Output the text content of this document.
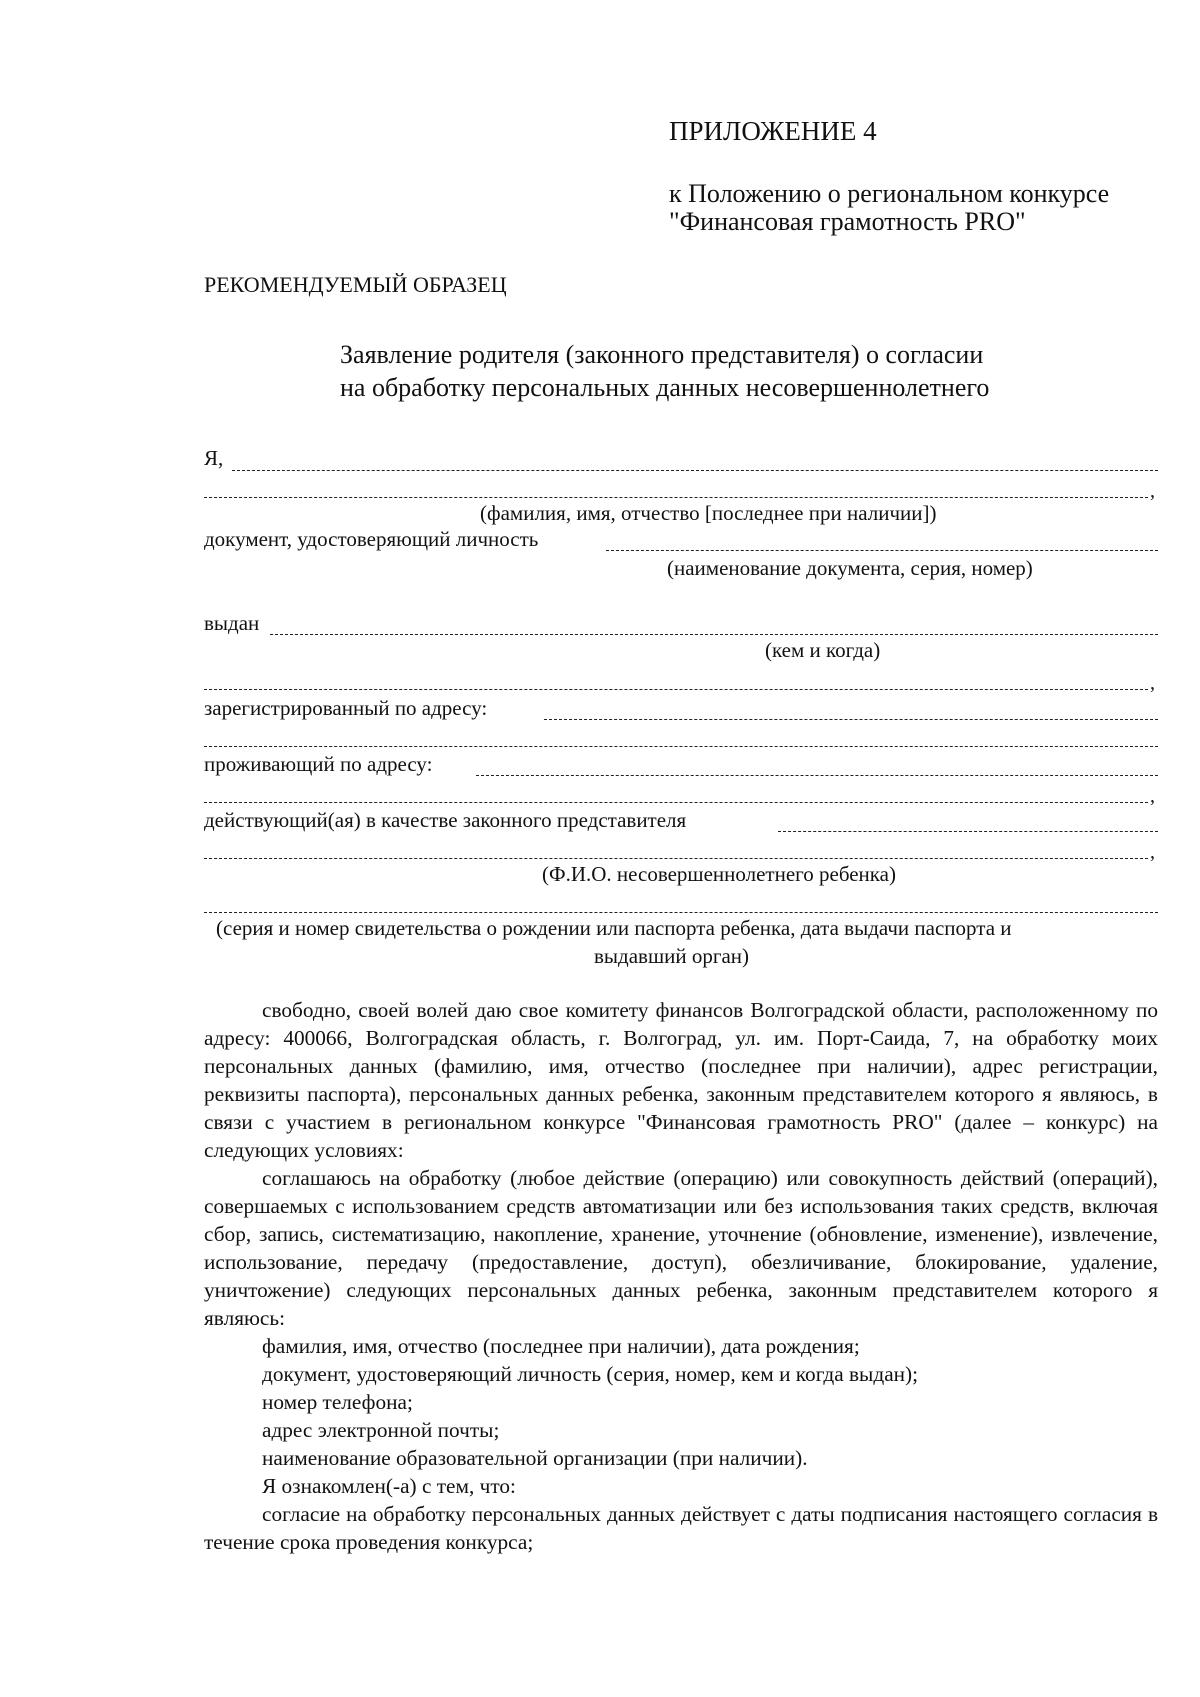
ПРИЛОЖЕНИЕ 4
к Положению о региональном конкурсе
"Финансовая грамотность PRO"
РЕКОМЕНДУЕМЫЙ ОБРАЗЕЦ
Заявление родителя (законного представителя) о согласии
на обработку персональных данных несовершеннолетнего
Я,
,
(фамилия, имя, отчество [последнее при наличии])
документ, удостоверяющий личность
(наименование документа, серия, номер)
выдан
(кем и когда)
,
зарегистрированный по адресу:
проживающий по адресу:
,
действующий(ая) в качестве законного представителя
,
(Ф.И.О. несовершеннолетнего ребенка)
(серия и номер свидетельства о рождении или паспорта ребенка, дата выдачи паспорта и
выдавший орган)

свободно, своей волей даю свое комитету финансов Волгоградской области, расположенному по адресу: 400066, Волгоградская область, г. Волгоград, ул. им. Порт-Саида, 7, на обработку моих персональных данных (фамилию, имя, отчество (последнее при наличии), адрес регистрации, реквизиты паспорта), персональных данных ребенка, законным представителем которого я являюсь, в связи с участием в региональном конкурсе "Финансовая грамотность PRO" (далее – конкурс) на следующих условиях:

соглашаюсь на обработку (любое действие (операцию) или совокупность действий (операций), совершаемых с использованием средств автоматизации или без использования таких средств, включая сбор, запись, систематизацию, накопление, хранение, уточнение (обновление, изменение), извлечение, использование, передачу (предоставление, доступ), обезличивание, блокирование, удаление, уничтожение) следующих персональных данных ребенка, законным представителем которого я являюсь:

фамилия, имя, отчество (последнее при наличии), дата рождения;

документ, удостоверяющий личность (серия, номер, кем и когда выдан);

номер телефона;

адрес электронной почты;

наименование образовательной организации (при наличии).

Я ознакомлен(-а) с тем, что:

согласие на обработку персональных данных действует с даты подписания настоящего согласия в течение срока проведения конкурса;
